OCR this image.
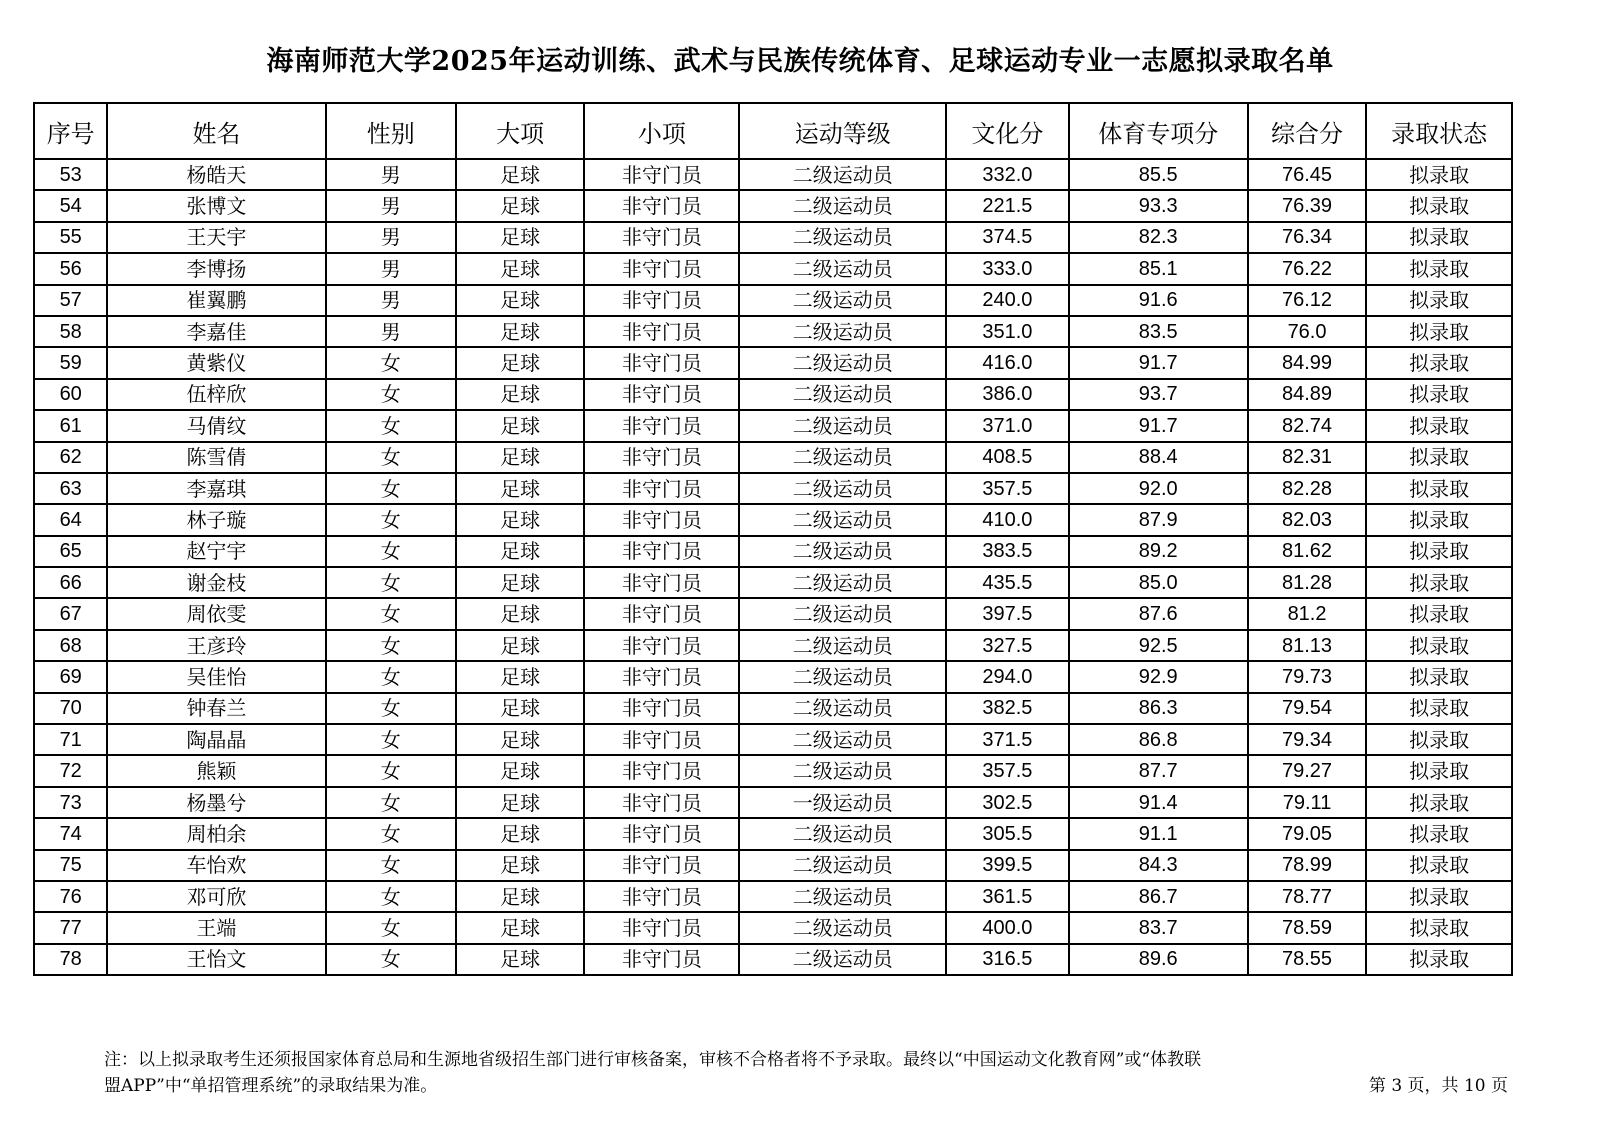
海南师范大学2025年运动训练、武术与民族传统体育、足球运动专业一志愿拟录取名单
序号	姓名	性别	大项	小项	运动等级	文化分	体育专项分	综合分	录取状态
53	杨皓天	男	足球	非守门员	二级运动员	332.0	85.5	76.45	拟录取
54	张博文	男	足球	非守门员	二级运动员	221.5	93.3	76.39	拟录取
55	王天宇	男	足球	非守门员	二级运动员	374.5	82.3	76.34	拟录取
56	李博扬	男	足球	非守门员	二级运动员	333.0	85.1	76.22	拟录取
57	崔翼鹏	男	足球	非守门员	二级运动员	240.0	91.6	76.12	拟录取
58	李嘉佳	男	足球	非守门员	二级运动员	351.0	83.5	76.0	拟录取
59	黄紫仪	女	足球	非守门员	二级运动员	416.0	91.7	84.99	拟录取
60	伍梓欣	女	足球	非守门员	二级运动员	386.0	93.7	84.89	拟录取
61	马倩纹	女	足球	非守门员	二级运动员	371.0	91.7	82.74	拟录取
62	陈雪倩	女	足球	非守门员	二级运动员	408.5	88.4	82.31	拟录取
63	李嘉琪	女	足球	非守门员	二级运动员	357.5	92.0	82.28	拟录取
64	林子璇	女	足球	非守门员	二级运动员	410.0	87.9	82.03	拟录取
65	赵宁宇	女	足球	非守门员	二级运动员	383.5	89.2	81.62	拟录取
66	谢金枝	女	足球	非守门员	二级运动员	435.5	85.0	81.28	拟录取
67	周依雯	女	足球	非守门员	二级运动员	397.5	87.6	81.2	拟录取
68	王彦玲	女	足球	非守门员	二级运动员	327.5	92.5	81.13	拟录取
69	吴佳怡	女	足球	非守门员	二级运动员	294.0	92.9	79.73	拟录取
70	钟春兰	女	足球	非守门员	二级运动员	382.5	86.3	79.54	拟录取
71	陶晶晶	女	足球	非守门员	二级运动员	371.5	86.8	79.34	拟录取
72	熊颖	女	足球	非守门员	二级运动员	357.5	87.7	79.27	拟录取
73	杨墨兮	女	足球	非守门员	一级运动员	302.5	91.4	79.11	拟录取
74	周柏余	女	足球	非守门员	二级运动员	305.5	91.1	79.05	拟录取
75	车怡欢	女	足球	非守门员	二级运动员	399.5	84.3	78.99	拟录取
76	邓可欣	女	足球	非守门员	二级运动员	361.5	86.7	78.77	拟录取
77	王端	女	足球	非守门员	二级运动员	400.0	83.7	78.59	拟录取
78	王怡文	女	足球	非守门员	二级运动员	316.5	89.6	78.55	拟录取
注：以上拟录取考生还须报国家体育总局和生源地省级招生部门进行审核备案，审核不合格者将不予录取。最终以“中国运动文化教育网”或“体教联
盟APP”中“单招管理系统”的录取结果为准。	第 3 页，共 10 页
